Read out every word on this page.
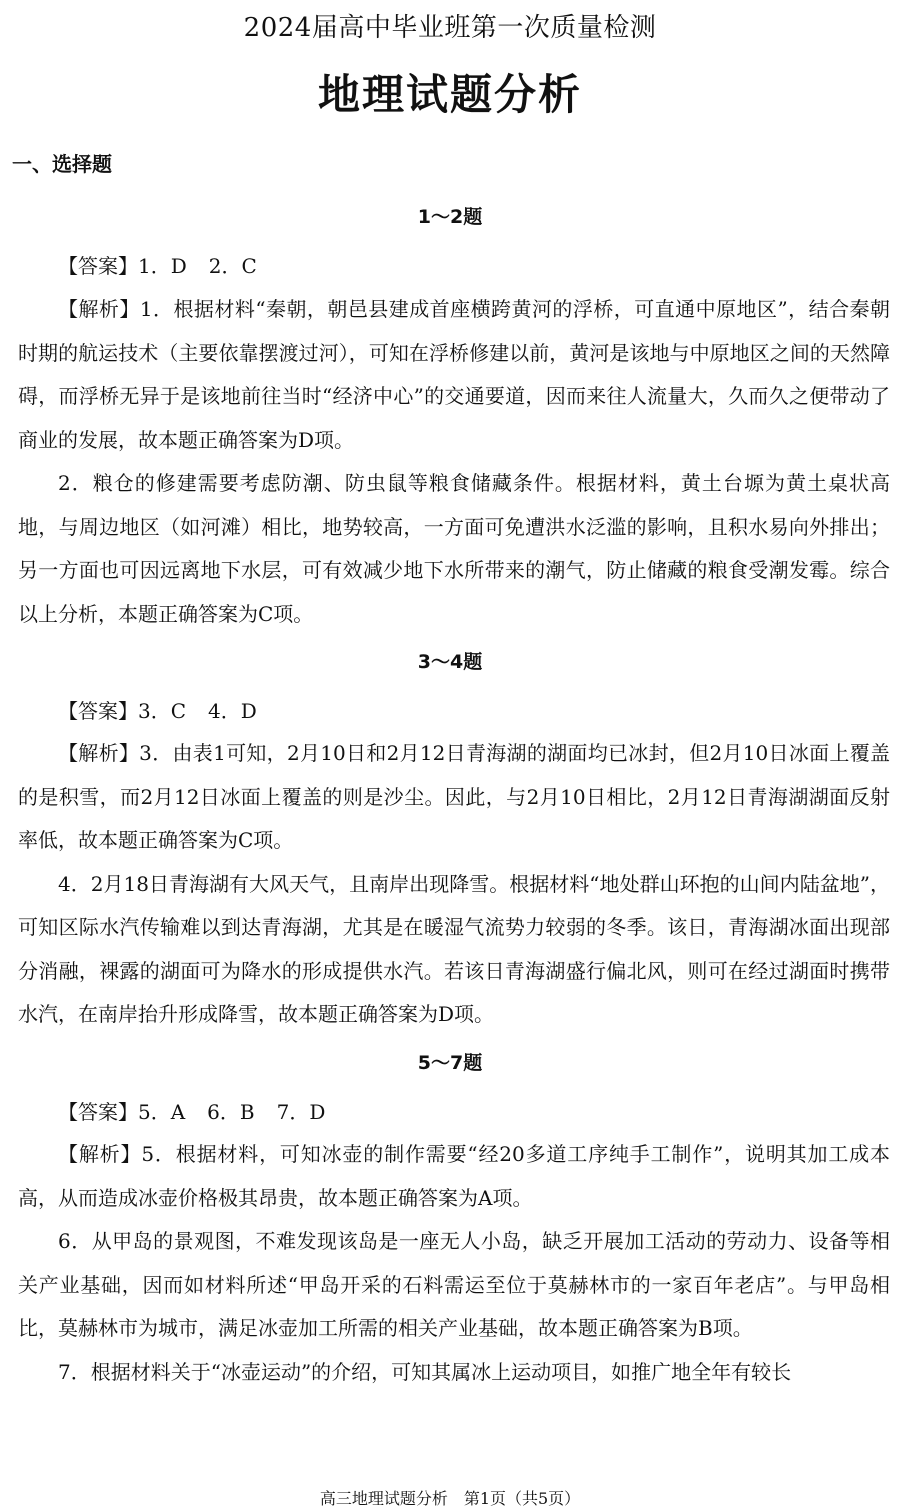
2024届高中毕业班第一次质量检测
地理试题分析
一、选择题
1～2题
【答案】1．D 2．C

【解析】1．根据材料“秦朝，朝邑县建成首座横跨黄河的浮桥，可直通中原地区”，结合秦朝时期的航运技术（主要依靠摆渡过河），可知在浮桥修建以前，黄河是该地与中原地区之间的天然障碍，而浮桥无异于是该地前往当时“经济中心”的交通要道，因而来往人流量大，久而久之便带动了商业的发展，故本题正确答案为D项。

2．粮仓的修建需要考虑防潮、防虫鼠等粮食储藏条件。根据材料，黄土台塬为黄土桌状高地，与周边地区（如河滩）相比，地势较高，一方面可免遭洪水泛滥的影响，且积水易向外排出；另一方面也可因远离地下水层，可有效减少地下水所带来的潮气，防止储藏的粮食受潮发霉。综合以上分析，本题正确答案为C项。

3～4题
【答案】3．C 4．D

【解析】3．由表1可知，2月10日和2月12日青海湖的湖面均已冰封，但2月10日冰面上覆盖的是积雪，而2月12日冰面上覆盖的则是沙尘。因此，与2月10日相比，2月12日青海湖湖面反射率低，故本题正确答案为C项。

4．2月18日青海湖有大风天气，且南岸出现降雪。根据材料“地处群山环抱的山间内陆盆地”，可知区际水汽传输难以到达青海湖，尤其是在暖湿气流势力较弱的冬季。该日，青海湖冰面出现部分消融，裸露的湖面可为降水的形成提供水汽。若该日青海湖盛行偏北风，则可在经过湖面时携带水汽，在南岸抬升形成降雪，故本题正确答案为D项。

5～7题
【答案】5．A 6．B 7．D

【解析】5．根据材料，可知冰壶的制作需要“经20多道工序纯手工制作”，说明其加工成本高，从而造成冰壶价格极其昂贵，故本题正确答案为A项。

6．从甲岛的景观图，不难发现该岛是一座无人小岛，缺乏开展加工活动的劳动力、设备等相关产业基础，因而如材料所述“甲岛开采的石料需运至位于莫赫林市的一家百年老店”。与甲岛相比，莫赫林市为城市，满足冰壶加工所需的相关产业基础，故本题正确答案为B项。

7．根据材料关于“冰壶运动”的介绍，可知其属冰上运动项目，如推广地全年有较长

高三地理试题分析　第1页（共5页）
